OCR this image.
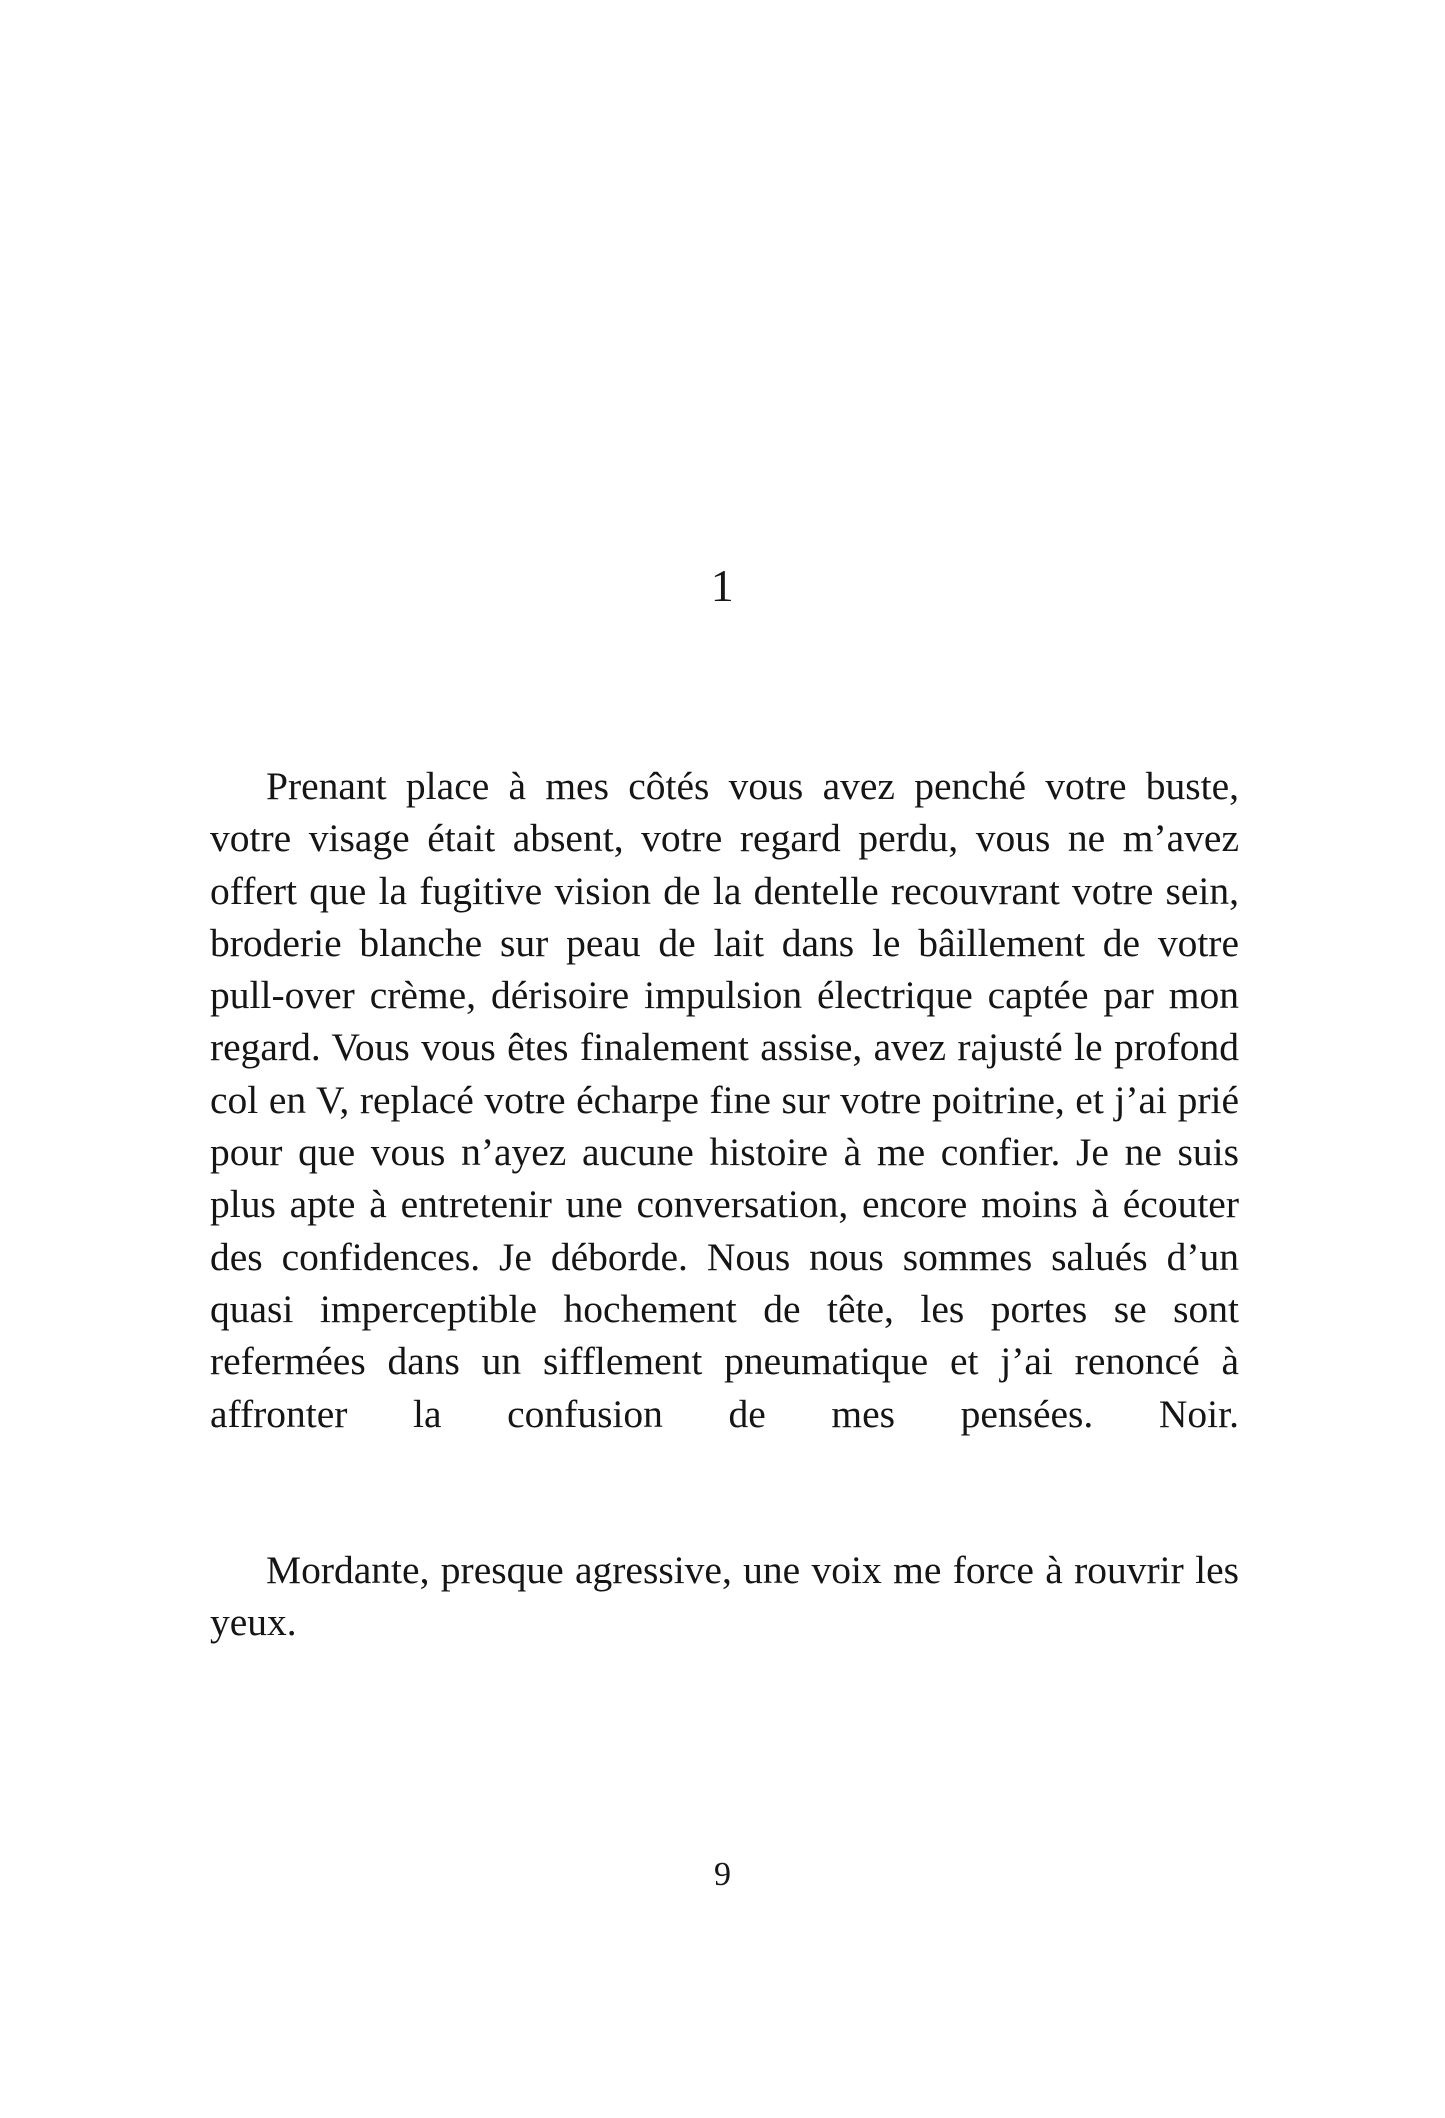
1

Prenant place à mes côtés vous avez penché votre buste, votre visage était absent, votre regard perdu, vous ne m’avez offert que la fugitive vision de la dentelle recouvrant votre sein, broderie blanche sur peau de lait dans le bâillement de votre pull-over crème, dérisoire impulsion électrique captée par mon regard. Vous vous êtes finalement assise, avez rajusté le profond col en V, replacé votre écharpe fine sur votre poitrine, et j’ai prié pour que vous n’ayez aucune histoire à me confier. Je ne suis plus apte à entretenir une conversation, encore moins à écouter des confidences. Je déborde. Nous nous sommes salués d’un quasi imperceptible hochement de tête, les portes se sont refermées dans un sifflement pneumatique et j’ai renoncé à affronter la confusion de mes pensées. Noir.

Mordante, presque agressive, une voix me force à rouvrir les yeux.

9
